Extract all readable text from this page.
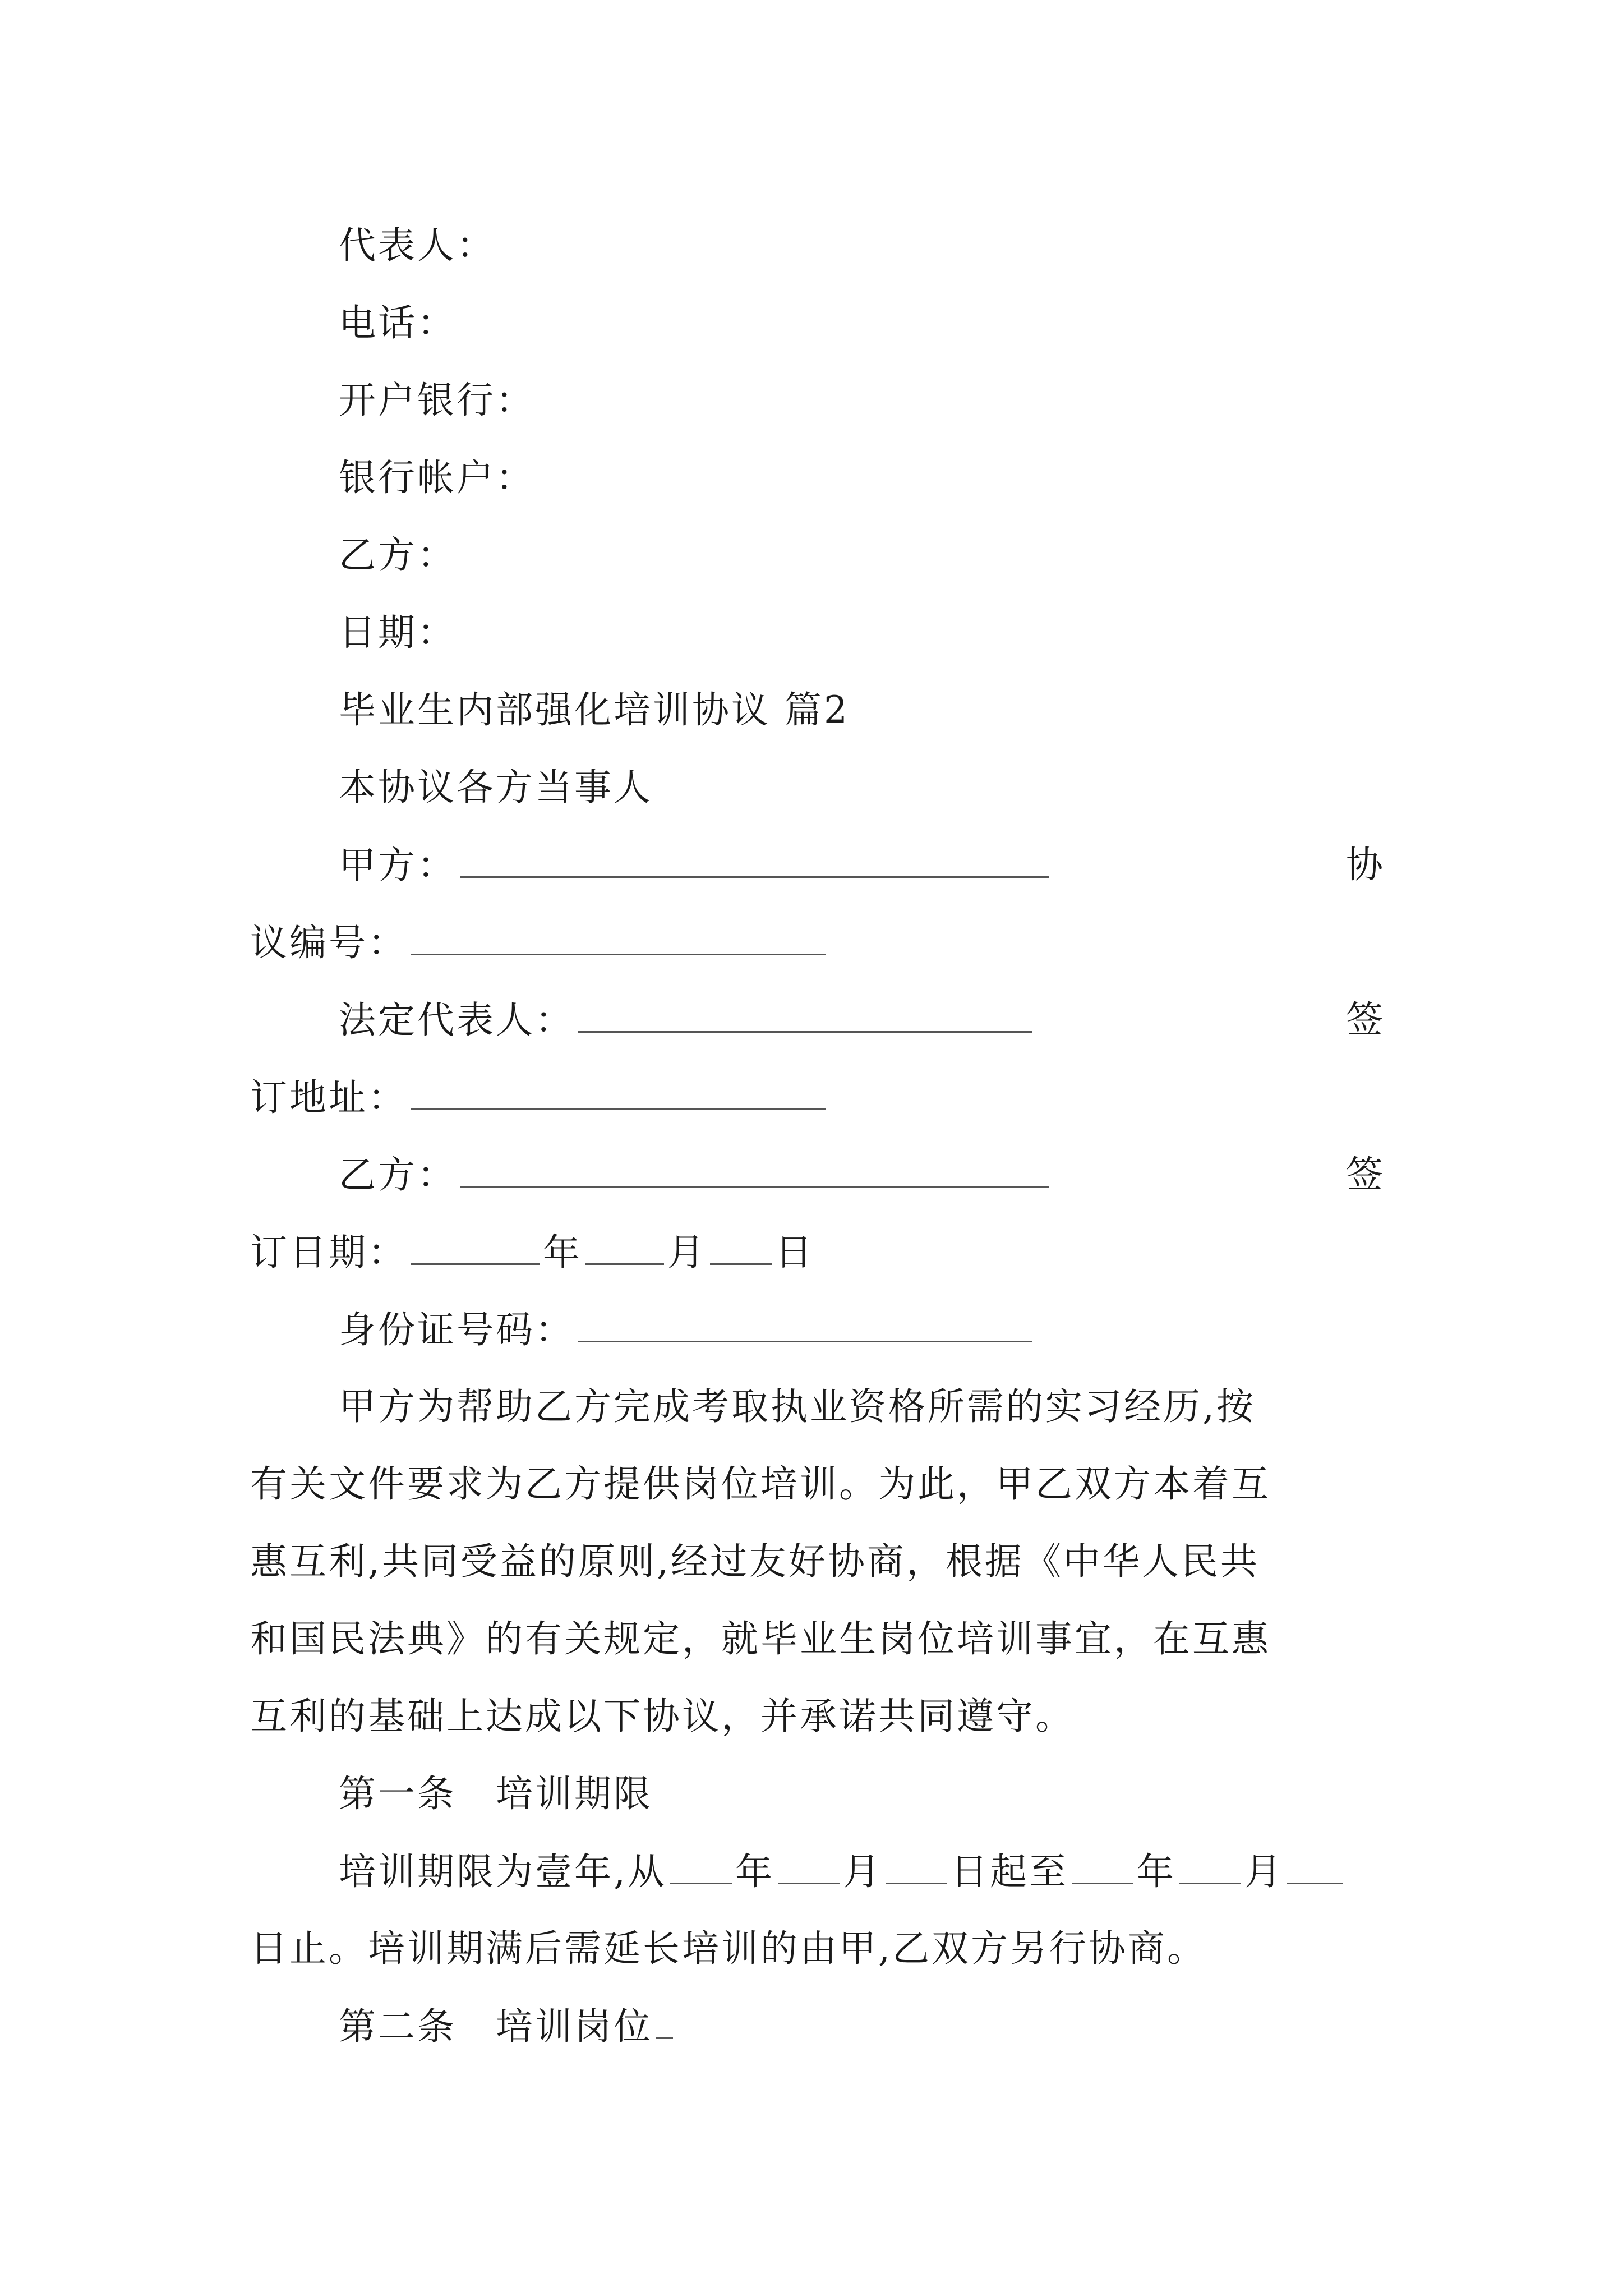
代表人：
电话：
开户银行：
银行帐户：
乙方：
日期：
毕业生内部强化培训协议 篇2
本协议各方当事人
甲方：	协
议编号：
法定代表人：	签
订地址：
乙方：	签
订日期：	年 月 日
身份证号码：
甲方为帮助乙方完成考取执业资格所需的实习经历,按
有关文件要求为乙方提供岗位培训。为此，甲乙双方本着互
惠互利,共同受益的原则,经过友好协商，根据《中华人民共
和国民法典》的有关规定，就毕业生岗位培训事宜，在互惠
互利的基础上达成以下协议，并承诺共同遵守。
第一条　培训期限
培训期限为壹年,从 年 月 日起至 年 月
日止。培训期满后需延长培训的由甲,乙双方另行协商。
第二条　培训岗位
